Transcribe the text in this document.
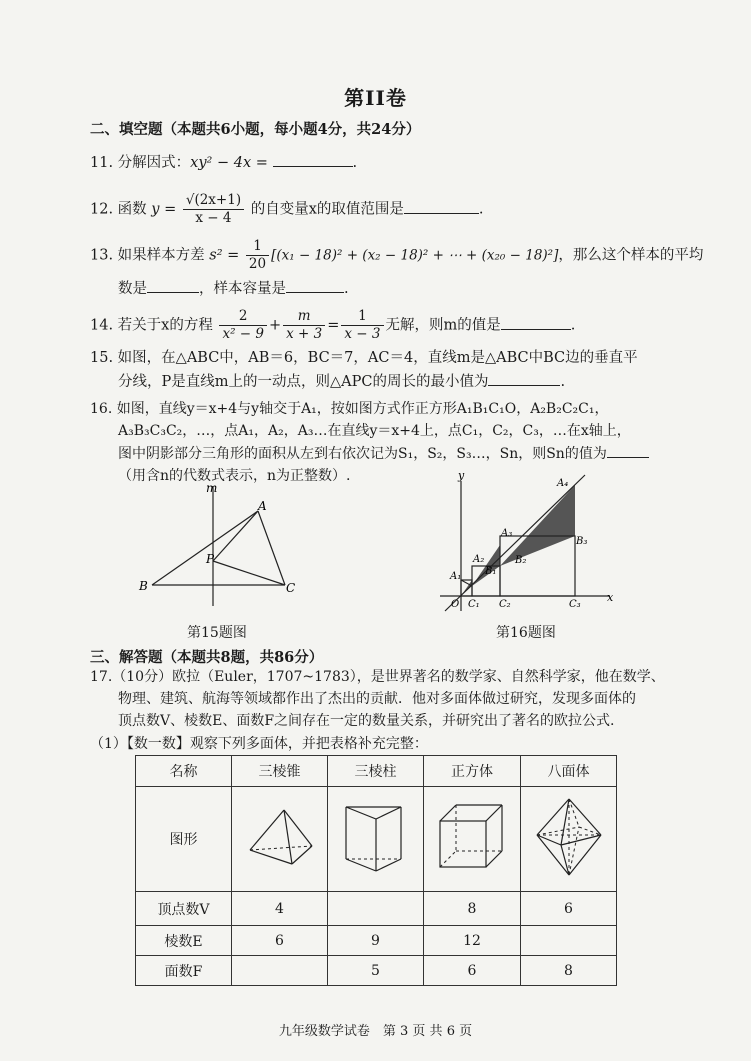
第II卷
二、填空题（本题共6小题，每小题4分，共24分）
11. 分解因式：xy² − 4x =	.
12. 函数 $y = \frac{√(2x+1)}{x - 4}$ 的自变量x的取值范围是	.
13. 如果样本方差 $s^2 = \frac{1}{20} [(x_1 - 18)^2 + (x_2 - 18)^2$ + ⋯ + (x₂₀ − 18)²]，那么这个样本的平均
数是	，样本容量是	.
14. 若关于x的方程 $\frac{2}{\text{x² − 9}} + \frac{m}{x + 3} = \frac{1}{x - 3}$ 无解，则m的值是	.
15. 如图，在△ABC中，AB＝6，BC＝7，AC＝4，直线m是△ABC中BC边的垂直平
分线，P是直线m上的一动点，则△APC的周长的最小值为	.
16. 如图，直线y＝x+4与y轴交于A₁，按如图方式作正方形A₁B₁C₁O，A₂B₂C₂C₁，
A₃B₃C₃C₂，…，点A₁，A₂，A₃…在直线y＝x+4上，点C₁，C₂，C₃，…在x轴上，
图中阴影部分三角形的面积从左到右依次记为S₁，S₂，S₃…，Sn，则Sn的值为
（用含n的代数式表示，n为正整数）.
m
A
B	C
P
第15题图
y
x
O
A₁
A₂
A₃
A₄
B₁
B₂
B₃
C₁ C₂	C₃
第16题图
三、解答题（本题共8题，共86分）
17.（10分）欧拉（Euler，1707~1783），是世界著名的数学家、自然科学家，他在数学、
物理、建筑、航海等领域都作出了杰出的贡献．他对多面体做过研究，发现多面体的
顶点数V、棱数E、面数F之间存在一定的数量关系，并研究出了著名的欧拉公式.
（1）【数一数】观察下列多面体，并把表格补充完整：
名称	三棱锥	三棱柱	正方体	八面体
图形				
顶点数V	4		8	6
棱数E	6	9	12	
面数F		5	6	8
九年级数学试卷　第 3 页 共 6 页
